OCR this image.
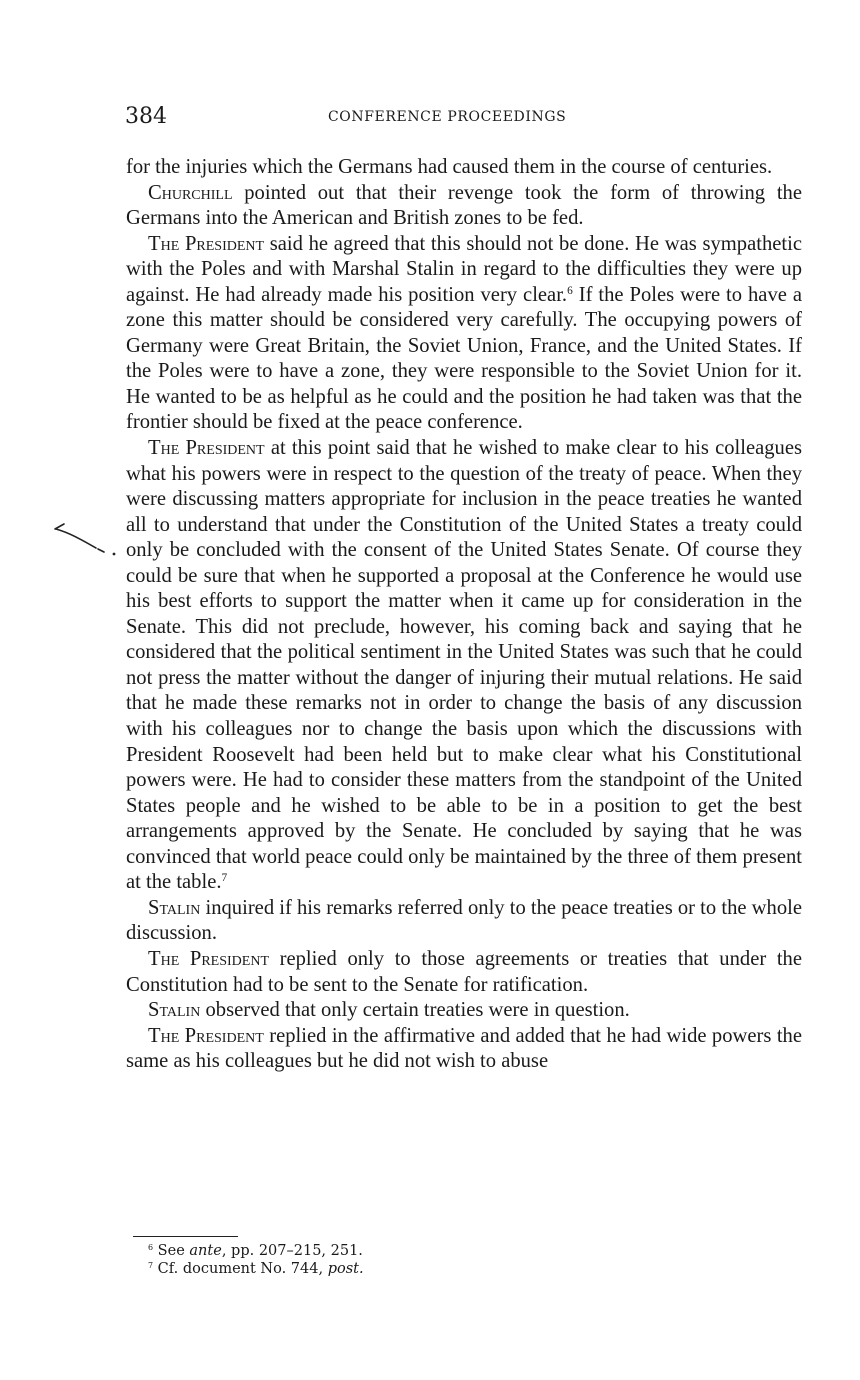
384	CONFERENCE PROCEEDINGS

for the injuries which the Germans had caused them in the course of centuries.

Churchill pointed out that their revenge took the form of throwing the Germans into the American and British zones to be fed.

The President said he agreed that this should not be done. He was sympathetic with the Poles and with Marshal Stalin in regard to the difficulties they were up against. He had already made his position very clear.$^6$ If the Poles were to have a zone this matter should be considered very carefully. The occupying powers of Germany were Great Britain, the Soviet Union, France, and the United States. If the Poles were to have a zone, they were responsible to the Soviet Union for it. He wanted to be as helpful as he could and the position he had taken was that the frontier should be fixed at the peace conference.

The President at this point said that he wished to make clear to his colleagues what his powers were in respect to the question of the treaty of peace. When they were discussing matters appropriate for inclusion in the peace treaties he wanted all to understand that under the Constitution of the United States a treaty could only be concluded with the consent of the United States Senate. Of course they could be sure that when he supported a proposal at the Conference he would use his best efforts to support the matter when it came up for consideration in the Senate. This did not preclude, however, his coming back and saying that he considered that the political sentiment in the United States was such that he could not press the matter without the danger of injuring their mutual relations. He said that he made these remarks not in order to change the basis of any discussion with his colleagues nor to change the basis upon which the discussions with President Roosevelt had been held but to make clear what his Constitutional powers were. He had to consider these matters from the standpoint of the United States people and he wished to be able to be in a position to get the best arrangements approved by the Senate. He concluded by saying that he was convinced that world peace could only be maintained by the three of them present at the table.$^7$

Stalin inquired if his remarks referred only to the peace treaties or to the whole discussion.

The President replied only to those agreements or treaties that under the Constitution had to be sent to the Senate for ratification.

Stalin observed that only certain treaties were in question.

The President replied in the affirmative and added that he had wide powers the same as his colleagues but he did not wish to abuse

$^6$ See ante, pp. 207–215, 251.
$^7$ Cf. document No. 744, post.
